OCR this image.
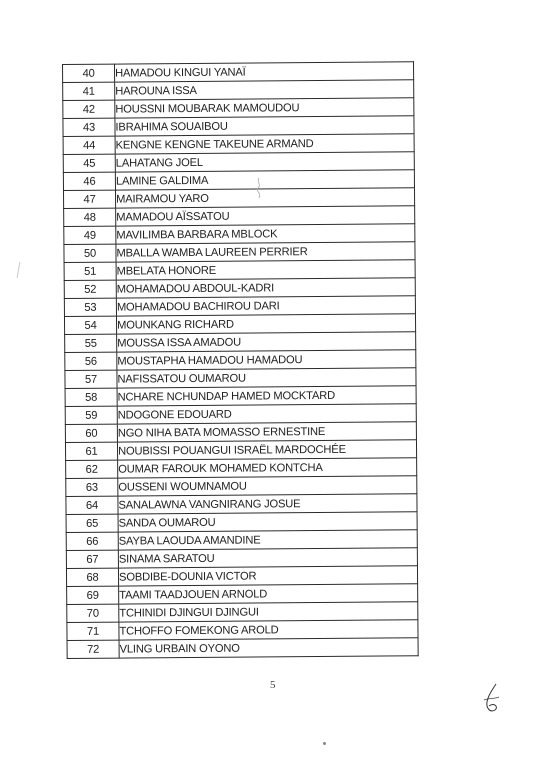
40	HAMADOU KINGUI YANAÏ
41	HAROUNA ISSA
42	HOUSSNI MOUBARAK MAMOUDOU
43	IBRAHIMA SOUAIBOU
44	KENGNE KENGNE TAKEUNE ARMAND
45	LAHATANG JOEL
46	LAMINE GALDIMA
47	MAIRAMOU YARO
48	MAMADOU AÏSSATOU
49	MAVILIMBA BARBARA MBLOCK
50	MBALLA WAMBA LAUREEN PERRIER
51	MBELATA HONORE
52	MOHAMADOU ABDOUL-KADRI
53	MOHAMADOU BACHIROU DARI
54	MOUNKANG RICHARD
55	MOUSSA ISSA AMADOU
56	MOUSTAPHA HAMADOU HAMADOU
57	NAFISSATOU OUMAROU
58	NCHARE NCHUNDAP HAMED MOCKTARD
59	NDOGONE EDOUARD
60	NGO NIHA BATA MOMASSO ERNESTINE
61	NOUBISSI POUANGUI ISRAËL MARDOCHÉE
62	OUMAR FAROUK MOHAMED KONTCHA
63	OUSSENI WOUMNAMOU
64	SANALAWNA VANGNIRANG JOSUE
65	SANDA OUMAROU
66	SAYBA LAOUDA AMANDINE
67	SINAMA SARATOU
68	SOBDIBE-DOUNIA VICTOR
69	TAAMI TAADJOUEN ARNOLD
70	TCHINIDI DJINGUI DJINGUI
71	TCHOFFO FOMEKONG AROLD
72	VLING URBAIN OYONO
5
